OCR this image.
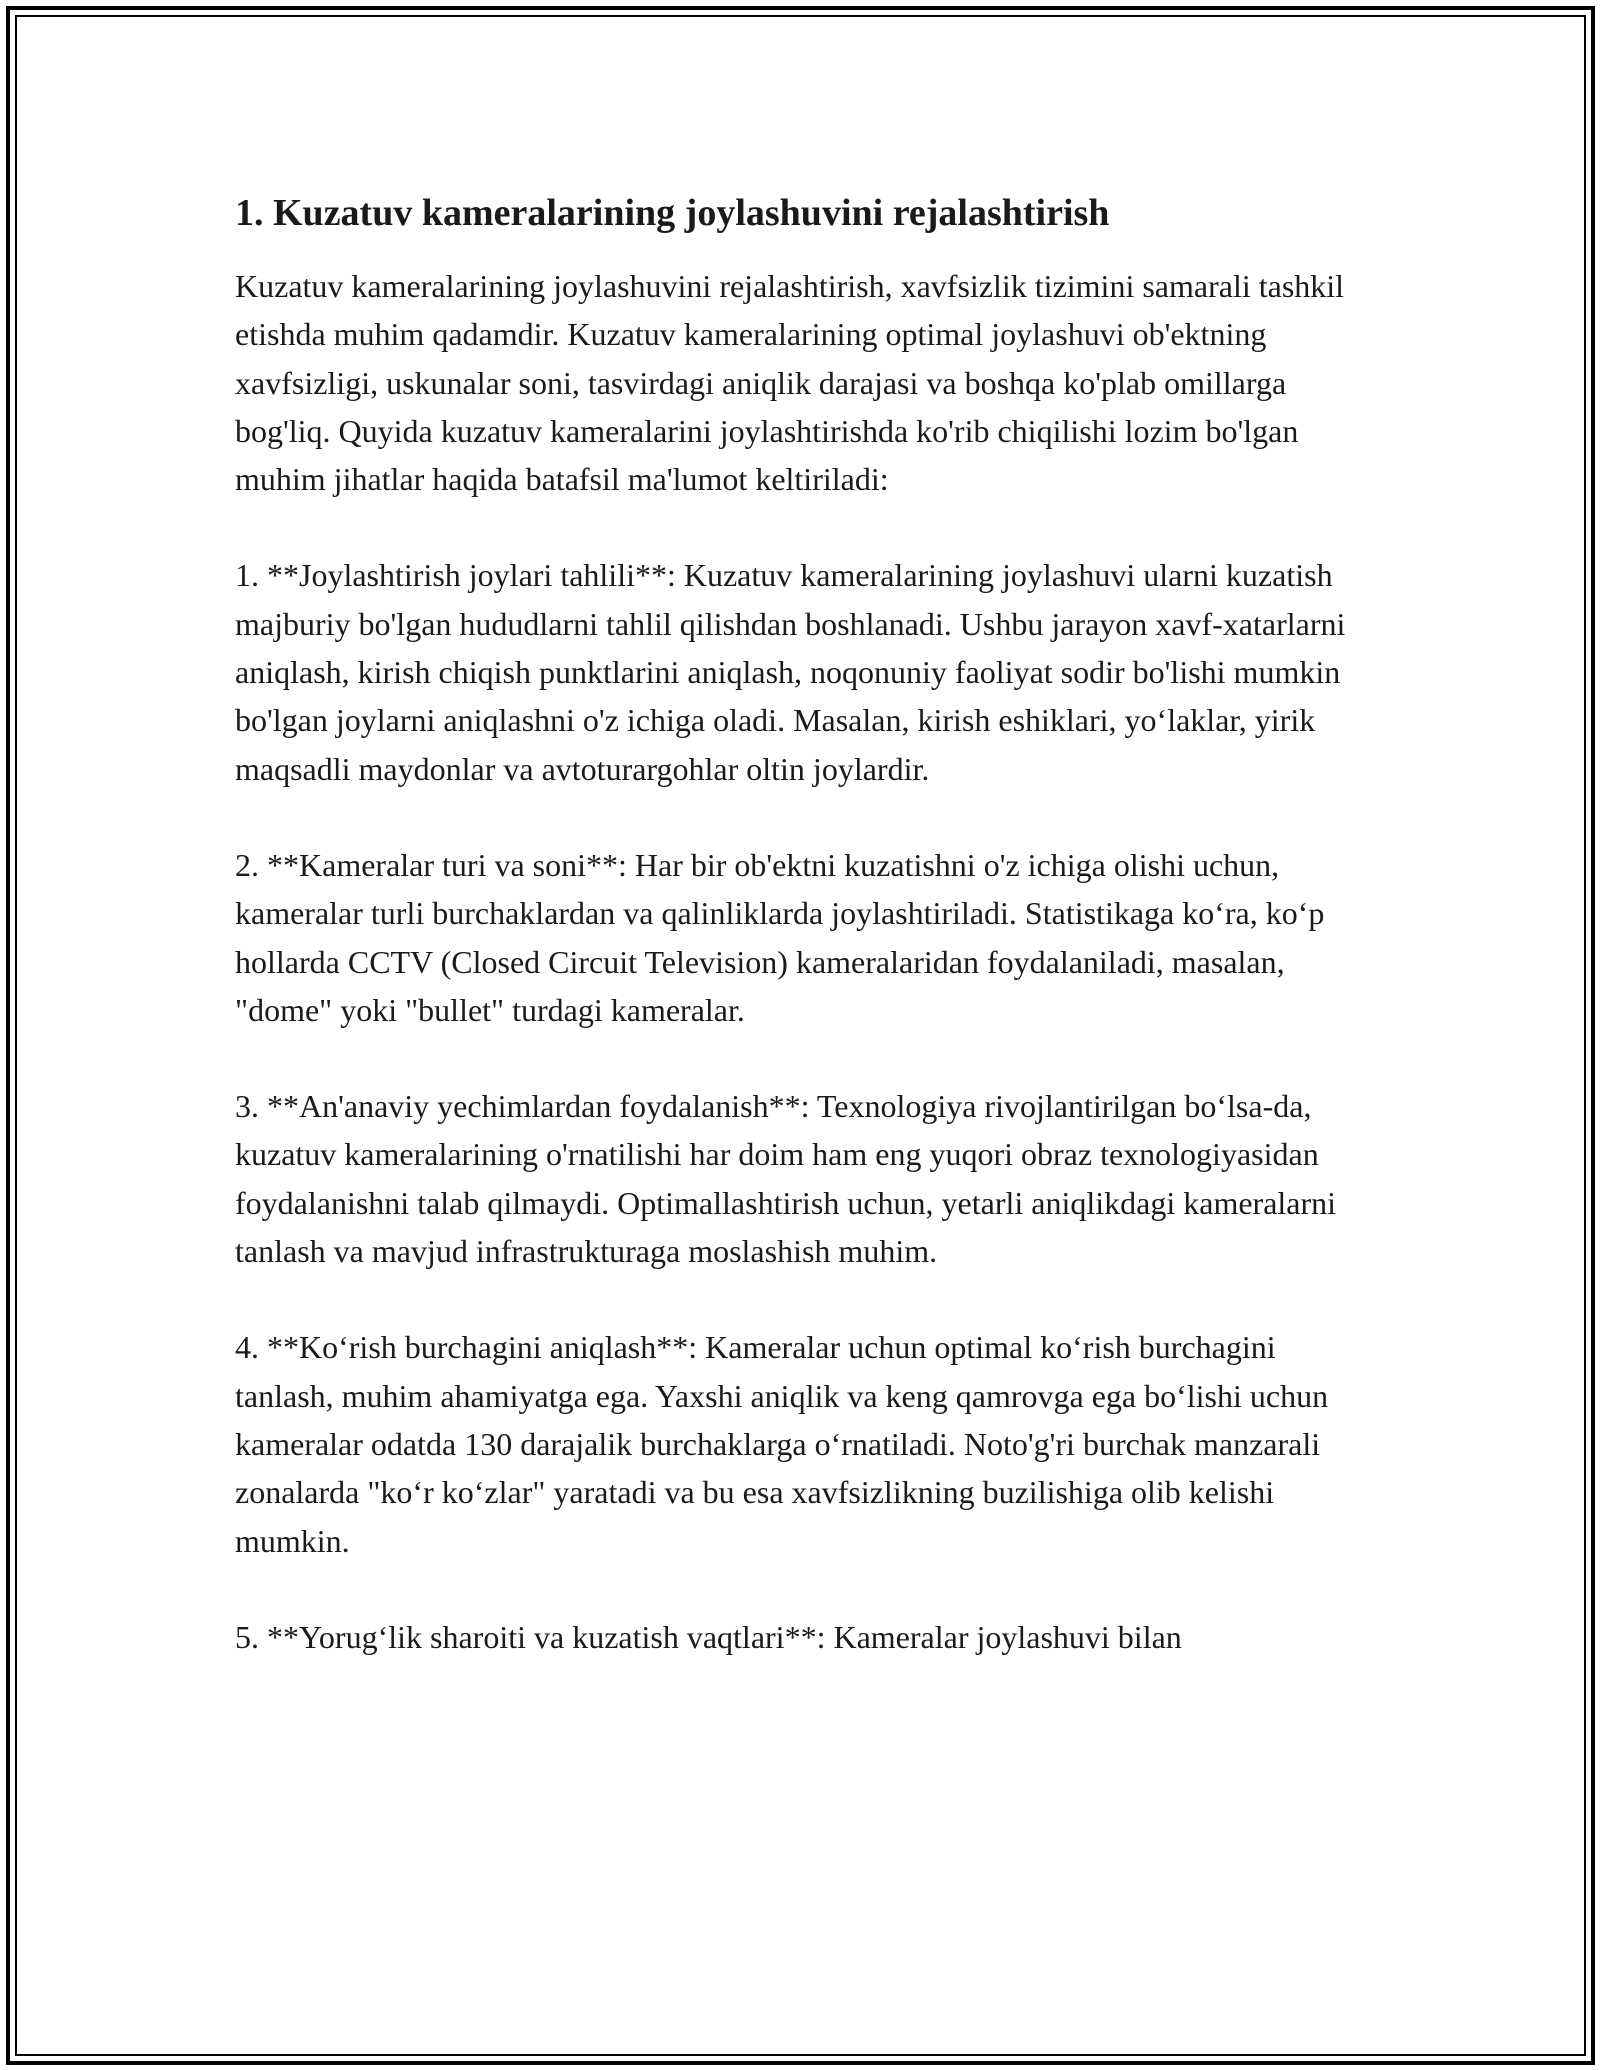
1. Kuzatuv kameralarining joylashuvini rejalashtirish

Kuzatuv kameralarining joylashuvini rejalashtirish, xavfsizlik tizimini samarali tashkil etishda muhim qadamdir. Kuzatuv kameralarining optimal joylashuvi ob'ektning xavfsizligi, uskunalar soni, tasvirdagi aniqlik darajasi va boshqa ko'plab omillarga bog'liq. Quyida kuzatuv kameralarini joylashtirishda ko'rib chiqilishi lozim bo'lgan muhim jihatlar haqida batafsil ma'lumot keltiriladi:

1. **Joylashtirish joylari tahlili**: Kuzatuv kameralarining joylashuvi ularni kuzatish majburiy bo'lgan hududlarni tahlil qilishdan boshlanadi. Ushbu jarayon xavf-xatarlarni aniqlash, kirish chiqish punktlarini aniqlash, noqonuniy faoliyat sodir bo'lishi mumkin bo'lgan joylarni aniqlashni o'z ichiga oladi. Masalan, kirish eshiklari, yo‘laklar, yirik maqsadli maydonlar va avtoturargohlar oltin joylardir.

2. **Kameralar turi va soni**: Har bir ob'ektni kuzatishni o'z ichiga olishi uchun, kameralar turli burchaklardan va qalinliklarda joylashtiriladi. Statistikaga ko‘ra, ko‘p hollarda CCTV (Closed Circuit Television) kameralaridan foydalaniladi, masalan, "dome" yoki "bullet" turdagi kameralar.

3. **An'anaviy yechimlardan foydalanish**: Texnologiya rivojlantirilgan bo‘lsa-da, kuzatuv kameralarining o'rnatilishi har doim ham eng yuqori obraz texnologiyasidan foydalanishni talab qilmaydi. Optimallashtirish uchun, yetarli aniqlikdagi kameralarni tanlash va mavjud infrastrukturaga moslashish muhim.

4. **Ko‘rish burchagini aniqlash**: Kameralar uchun optimal ko‘rish burchagini tanlash, muhim ahamiyatga ega. Yaxshi aniqlik va keng qamrovga ega bo‘lishi uchun kameralar odatda 130 darajalik burchaklarga o‘rnatiladi. Noto'g'ri burchak manzarali zonalarda "ko‘r ko‘zlar" yaratadi va bu esa xavfsizlikning buzilishiga olib kelishi mumkin.

5. **Yorug‘lik sharoiti va kuzatish vaqtlari**: Kameralar joylashuvi bilan
